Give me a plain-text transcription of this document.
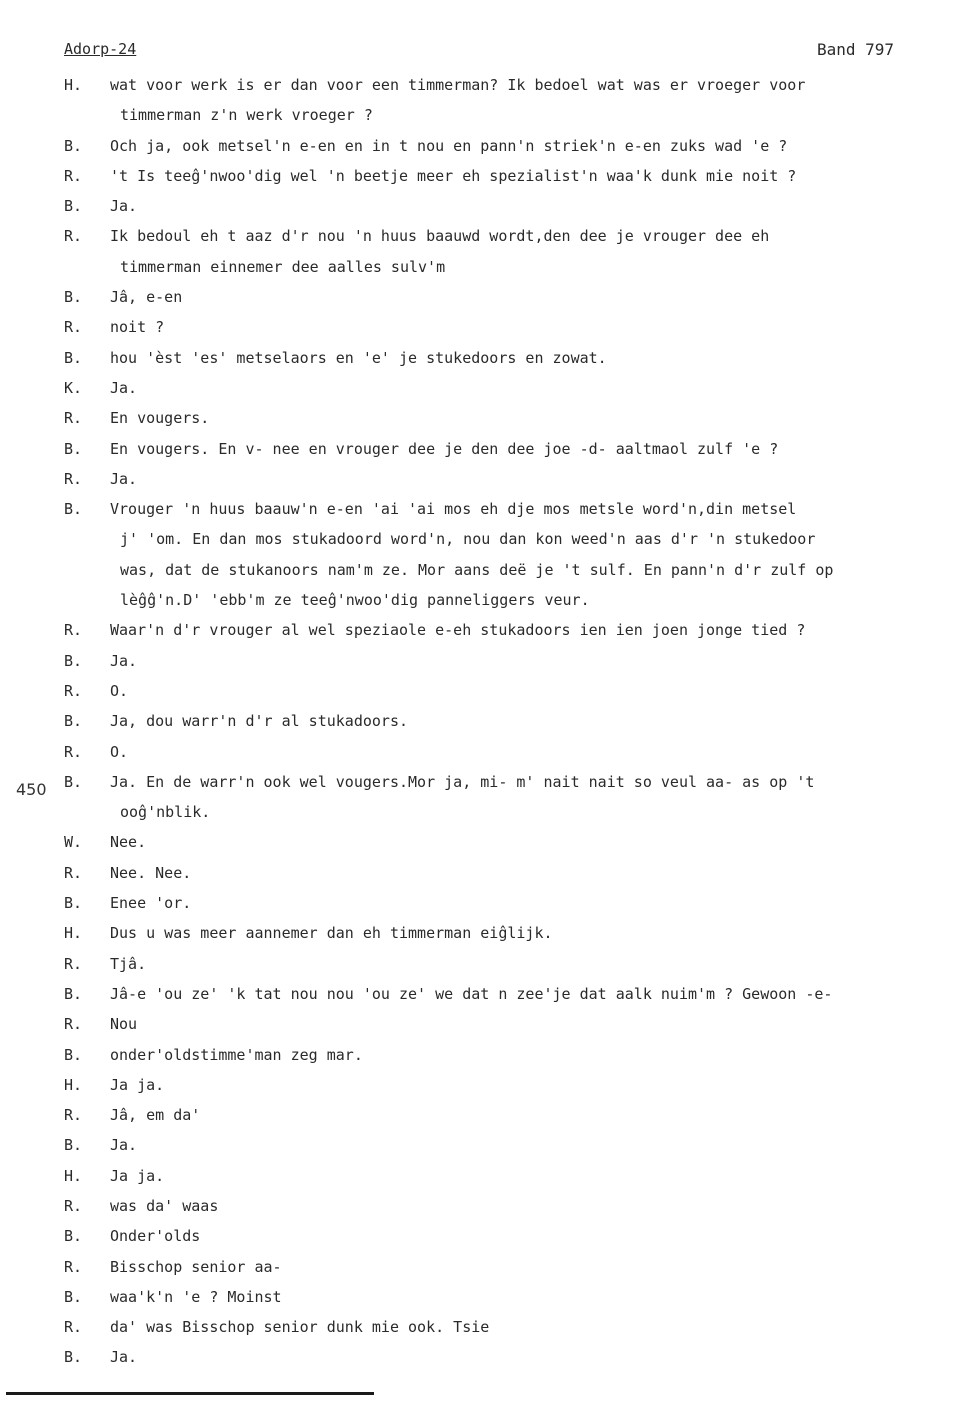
Adorp-24	Band 797
450
H.	wat voor werk is er dan voor een timmerman? Ik bedoel wat was er vroeger voor
timmerman z'n werk vroeger ?
B.	Och ja, ook metsel'n e-en en in t nou en pann'n striek'n e-en zuks wad 'e ?
R.	't Is teeĝ'nwoo'dig wel 'n beetje meer eh spezialist'n waa'k dunk mie noit ?
B.	Ja.
R.	Ik bedoul eh t aaz d'r nou 'n huus baauwd wordt,den dee je vrouger dee eh
timmerman einnemer dee aalles sulv'm
B.	Jâ, e-en
R.	noit ?
B.	hou 'èst 'es' metselaors en 'e' je stukedoors en zowat.
K.	Ja.
R.	En vougers.
B.	En vougers. En v- nee en vrouger dee je den dee joe -d- aaltmaol zulf 'e ?
R.	Ja.
B.	Vrouger 'n huus baauw'n e-en 'ai 'ai mos eh dje mos metsle word'n,din metsel
j' 'om. En dan mos stukadoord word'n, nou dan kon weed'n aas d'r 'n stukedoor
was, dat de stukanoors nam'm ze. Mor aans deë je 't sulf. En pann'n d'r zulf op
lèĝĝ'n.D' 'ebb'm ze teeĝ'nwoo'dig panneliggers veur.
R.	Waar'n d'r vrouger al wel speziaole e-eh stukadoors ien ien joen jonge tied ?
B.	Ja.
R.	O.
B.	Ja, dou warr'n d'r al stukadoors.
R.	O.
B.	Ja. En de warr'n ook wel vougers.Mor ja, mi- m' nait nait so veul aa- as op 't
ooĝ'nblik.
W.	Nee.
R.	Nee. Nee.
B.	Enee 'or.
H.	Dus u was meer aannemer dan eh timmerman eiĝlijk.
R.	Tjâ.
B.	Jâ-e 'ou ze' 'k tat nou nou 'ou ze' we dat n zee'je dat aalk nuim'm ? Gewoon -e-
R.	Nou
B.	onder'oldstimme'man zeg mar.
H.	Ja ja.
R.	Jâ, em da'
B.	Ja.
H.	Ja ja.
R.	was da' waas
B.	Onder'olds
R.	Bisschop senior aa-
B.	waa'k'n 'e ? Moinst
R.	da' was Bisschop senior dunk mie ook. Tsie
B.	Ja.
